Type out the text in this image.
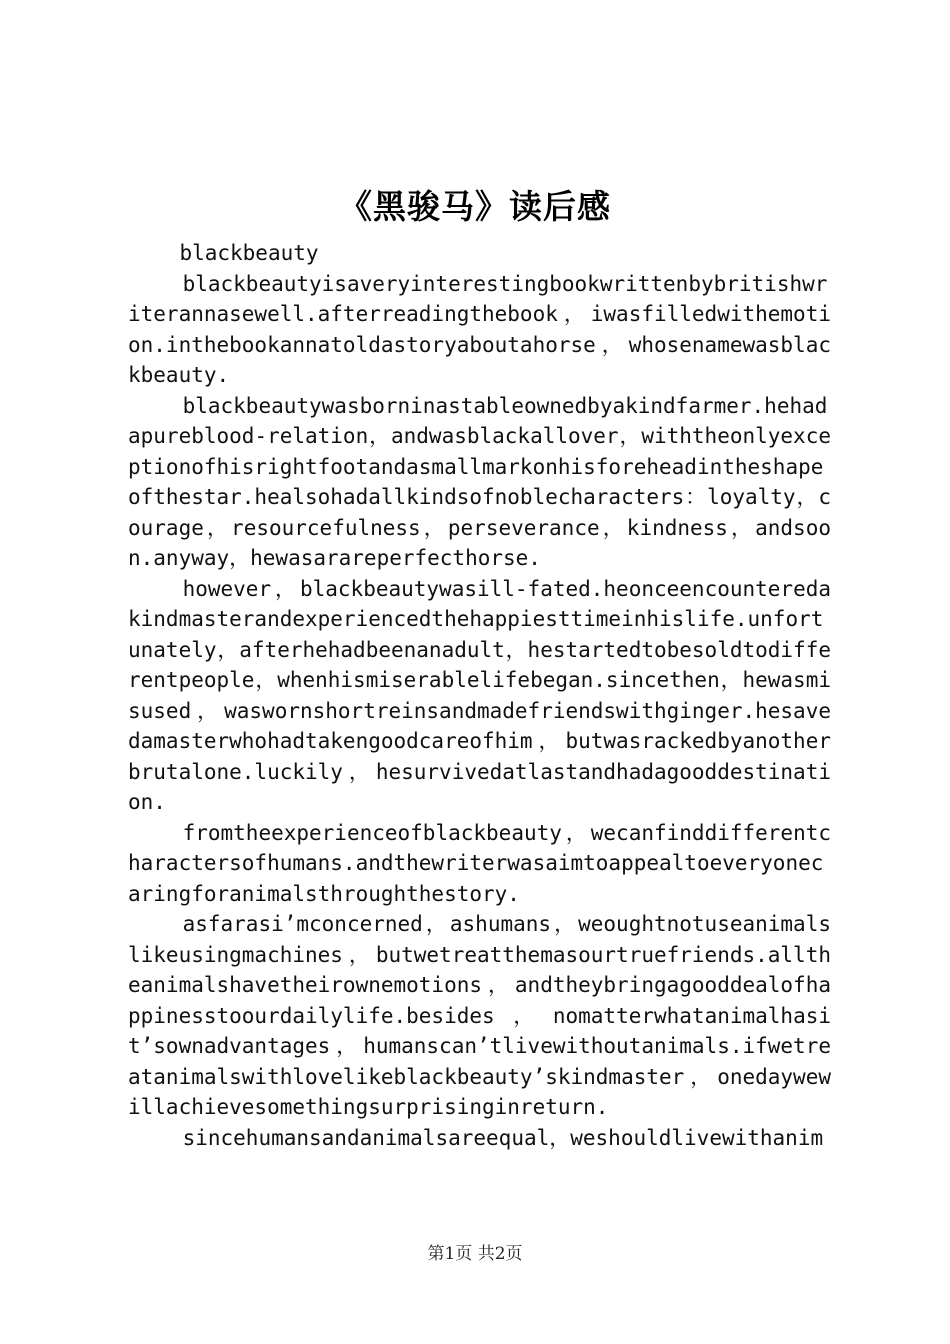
《黑骏马》读后感

blackbeauty

blackbeautyisaveryinterestingbookwrittenbybritishwriterannasewell.afterreadingthebook，iwasfilledwithemotion.inthebookannatoldastoryaboutahorse，whosenamewasblackbeauty.

blackbeautywasborninastableownedbyakindfarmer.hehadapureblood-relation，andwasblackallover，withtheonlyexceptionofhisrightfootandasmallmarkonhisforeheadintheshapeofthestar.healsohadallkindsofnoblecharacters：loyalty，courage，resourcefulness，perseverance，kindness，andsoon.anyway，hewasarareperfecthorse.

however，blackbeautywasill-fated.heonceencounteredakindmasterandexperiencedthehappiesttimeinhislife.unfortunately，afterhehadbeenanadult，hestartedtobesoldtodifferentpeople，whenhismiserablelifebegan.sincethen，hewasmisused，waswornshortreinsandmadefriendswithginger.hesavedamasterwhohadtakengoodcareofhim，butwasrackedbyanotherbrutalone.luckily，hesurvivedatlastandhadagooddestination.

fromtheexperienceofblackbeauty，wecanfinddifferentcharactersofhumans.andthewriterwasaimtoappealtoeveryonecaringforanimalsthroughthestory.

asfarasi’mconcerned，ashumans，weoughtnotuseanimalslikeusingmachines，butwetreatthemasourtruefriends.alltheanimalshavetheirownemotions，andtheybringagooddealofhappinesstoourdailylife.besides，nomatterwhatanimalhasit’sownadvantages，humanscan’tlivewithoutanimals.ifwetreatanimalswithlovelikeblackbeauty’skindmaster，onedaywewillachievesomethingsurprisinginreturn.

sincehumansandanimalsareequal，weshouldlivewithanim

第1页 共2页
